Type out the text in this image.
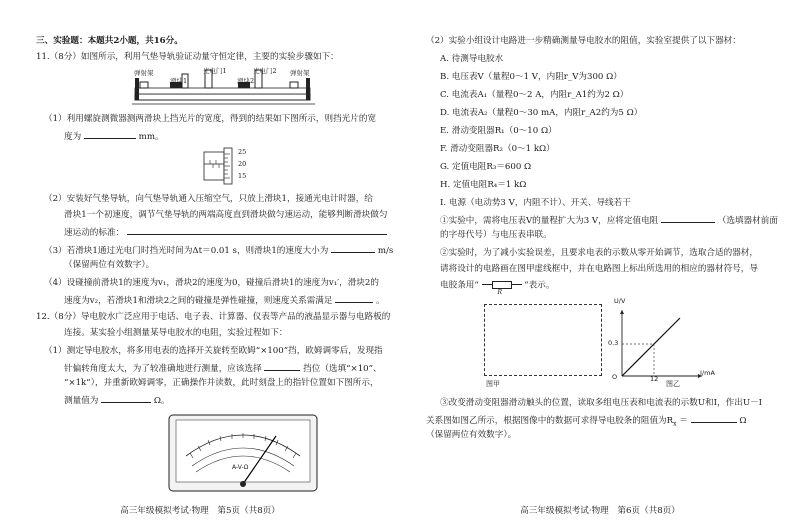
三、实验题：本题共2小题，共16分。
11.（8分）如图所示，利用气垫导轨验证动量守恒定律，主要的实验步骤如下：
弹射架
滑块1
光电门1
滑块2
光电门2 弹射架
（1）利用螺旋测微器测两滑块上挡光片的宽度，得到的结果如下图所示，则挡光片的宽
度为	mm。
25
20
15
（2）安装好气垫导轨，向气垫导轨通入压缩空气，只放上滑块1，接通光电计时器，给
滑块1一个初速度，调节气垫导轨的两端高度直到滑块做匀速运动，能够判断滑块做匀
速运动的标准：
（3）若滑块1通过光电门时挡光时间为Δt＝0.01 s，则滑块1的速度大小为	m/s
（保留两位有效数字）。
（4）设碰撞前滑块1的速度为v₁，滑块2的速度为0，碰撞后滑块1的速度为v₁′，滑块2的
速度为v₂，若滑块1和滑块2之间的碰撞是弹性碰撞，则速度关系需满足	。
12.（8分）导电胶水广泛应用于电话、电子表、计算器、仪表等产品的液晶显示器与电路板的
连接。某实验小组测量某导电胶水的电阻，实验过程如下：
（1）测定导电胶水，将多用电表的选择开关旋转至欧姆“×100”挡，欧姆调零后，发现指
针偏转角度太大，为了较准确地进行测量，应该选择	挡位（选填“×10”、
“×1k”），并重新欧姆调零，正确操作并读数，此时刻盘上的指针位置如下图所示，
测量值为	Ω。
A-V-Ω
高三年级模拟考试·物理　第5页（共8页）
（2）实验小组设计电路进一步精确测量导电胶水的阻值，实验室提供了以下器材：
A. 待测导电胶水
B. 电压表V（量程0～1 V，内阻r_V为300 Ω）
C. 电流表A₁（量程0～2 A，内阻r_A1约为2 Ω）
D. 电流表A₂（量程0～30 mA，内阻r_A2约为5 Ω）
E. 滑动变阻器R₁（0～10 Ω）
F. 滑动变阻器R₂（0～1 kΩ）
G. 定值电阻R₃＝600 Ω
H. 定值电阻R₄＝1 kΩ
I. 电源（电动势3 V，内阻不计）、开关、导线若干
①实验中，需将电压表V的量程扩大为3 V，应将定值电阻	（选填器材前面
的字母代号）与电压表串联。
②实验时，为了减小实验误差，且要求电表的示数从零开始调节，选取合适的器材，
请将设计的电路画在图甲虚线框中，并在电路图上标出所选用的相应的器材符号，导
电胶条用“
R
”表示。
图甲
U/V
I/mA
O
0.3
12
图乙
③改变滑动变阻器滑动触头的位置，读取多组电压表和电流表的示数U和I，作出U－I
关系图如图乙所示，根据图像中的数据可求得导电胶条的阻值为$R_x$ ＝	Ω
（保留两位有效数字）。
高三年级模拟考试·物理　第6页（共8页）
